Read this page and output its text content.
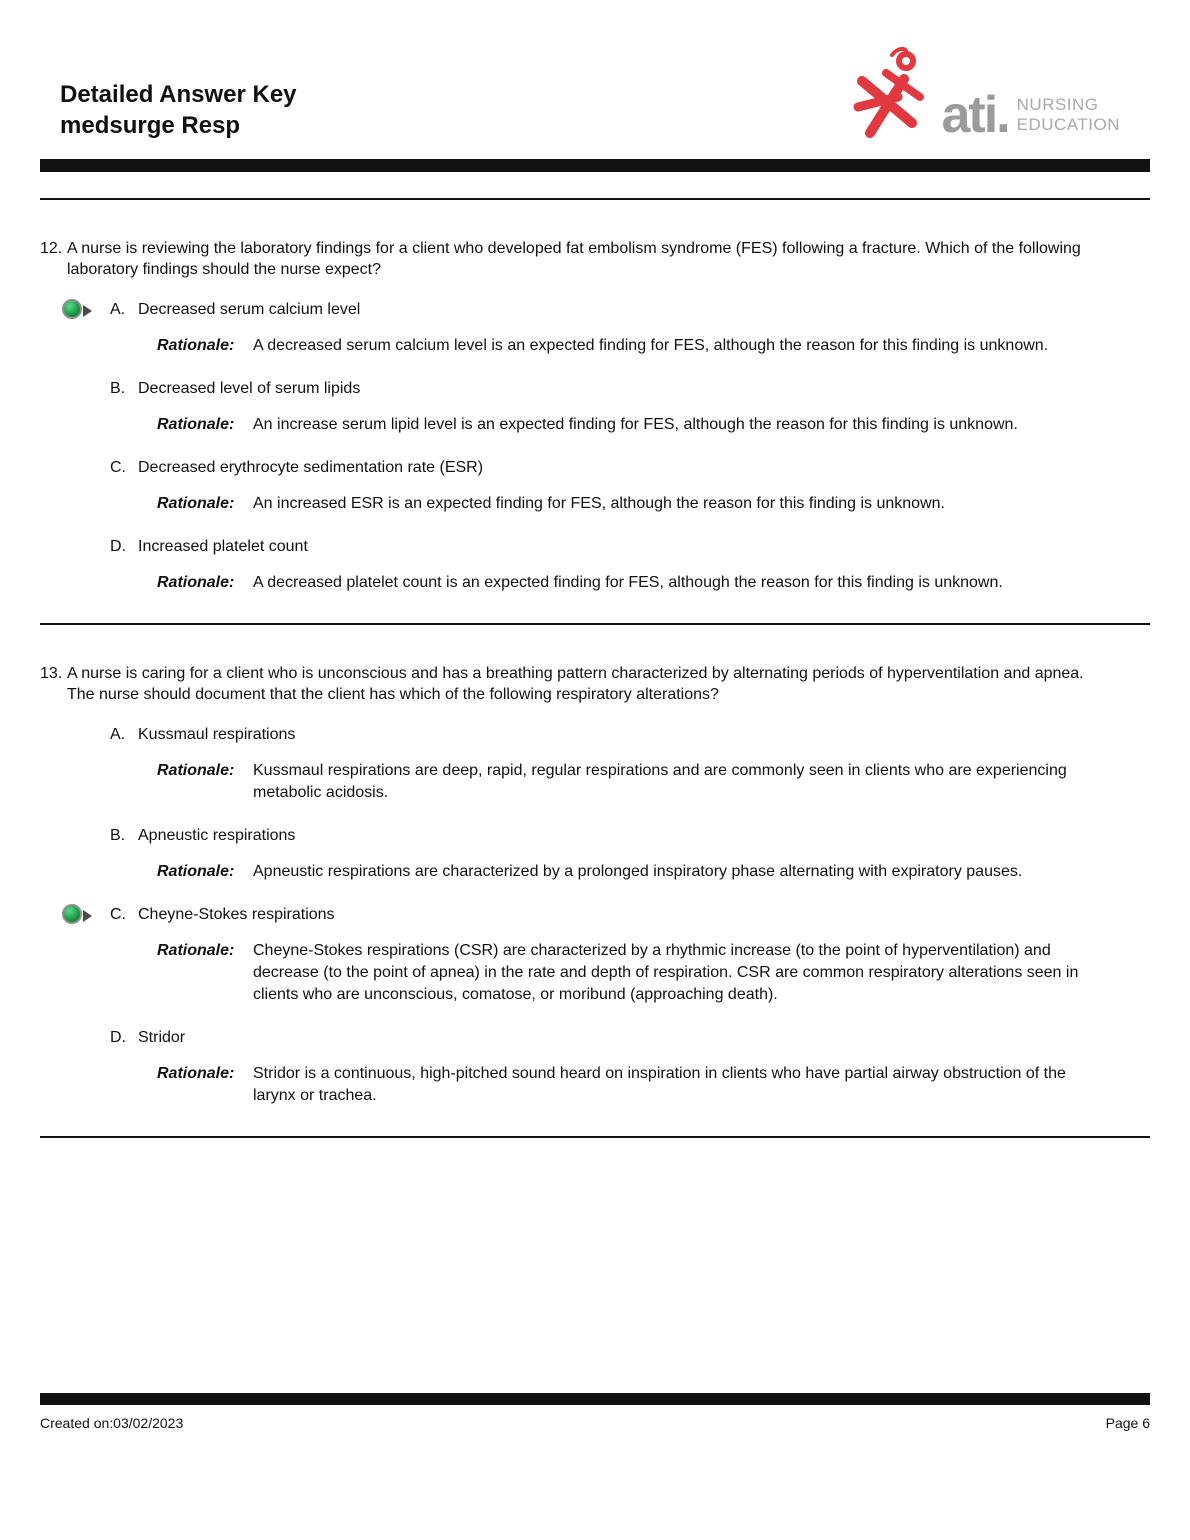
Detailed Answer Key
medsurge Resp	ati. NURSING
EDUCATION
12. A nurse is reviewing the laboratory findings for a client who developed fat embolism syndrome (FES) following a fracture. Which of the following laboratory findings should the nurse expect?
A. Decreased serum calcium level
Rationale:	A decreased serum calcium level is an expected finding for FES, although the reason for this finding is unknown.
B. Decreased level of serum lipids
Rationale:	An increase serum lipid level is an expected finding for FES, although the reason for this finding is unknown.
C. Decreased erythrocyte sedimentation rate (ESR)
Rationale:	An increased ESR is an expected finding for FES, although the reason for this finding is unknown.
D. Increased platelet count
Rationale:	A decreased platelet count is an expected finding for FES, although the reason for this finding is unknown.
13. A nurse is caring for a client who is unconscious and has a breathing pattern characterized by alternating periods of hyperventilation and apnea. The nurse should document that the client has which of the following respiratory alterations?
A. Kussmaul respirations
Rationale:	Kussmaul respirations are deep, rapid, regular respirations and are commonly seen in clients who are experiencing metabolic acidosis.
B. Apneustic respirations
Rationale:	Apneustic respirations are characterized by a prolonged inspiratory phase alternating with expiratory pauses.
C. Cheyne-Stokes respirations
Rationale:	Cheyne-Stokes respirations (CSR) are characterized by a rhythmic increase (to the point of hyperventilation) and decrease (to the point of apnea) in the rate and depth of respiration. CSR are common respiratory alterations seen in clients who are unconscious, comatose, or moribund (approaching death).
D. Stridor
Rationale:	Stridor is a continuous, high-pitched sound heard on inspiration in clients who have partial airway obstruction of the larynx or trachea.
Created on:03/02/2023	Page 6
